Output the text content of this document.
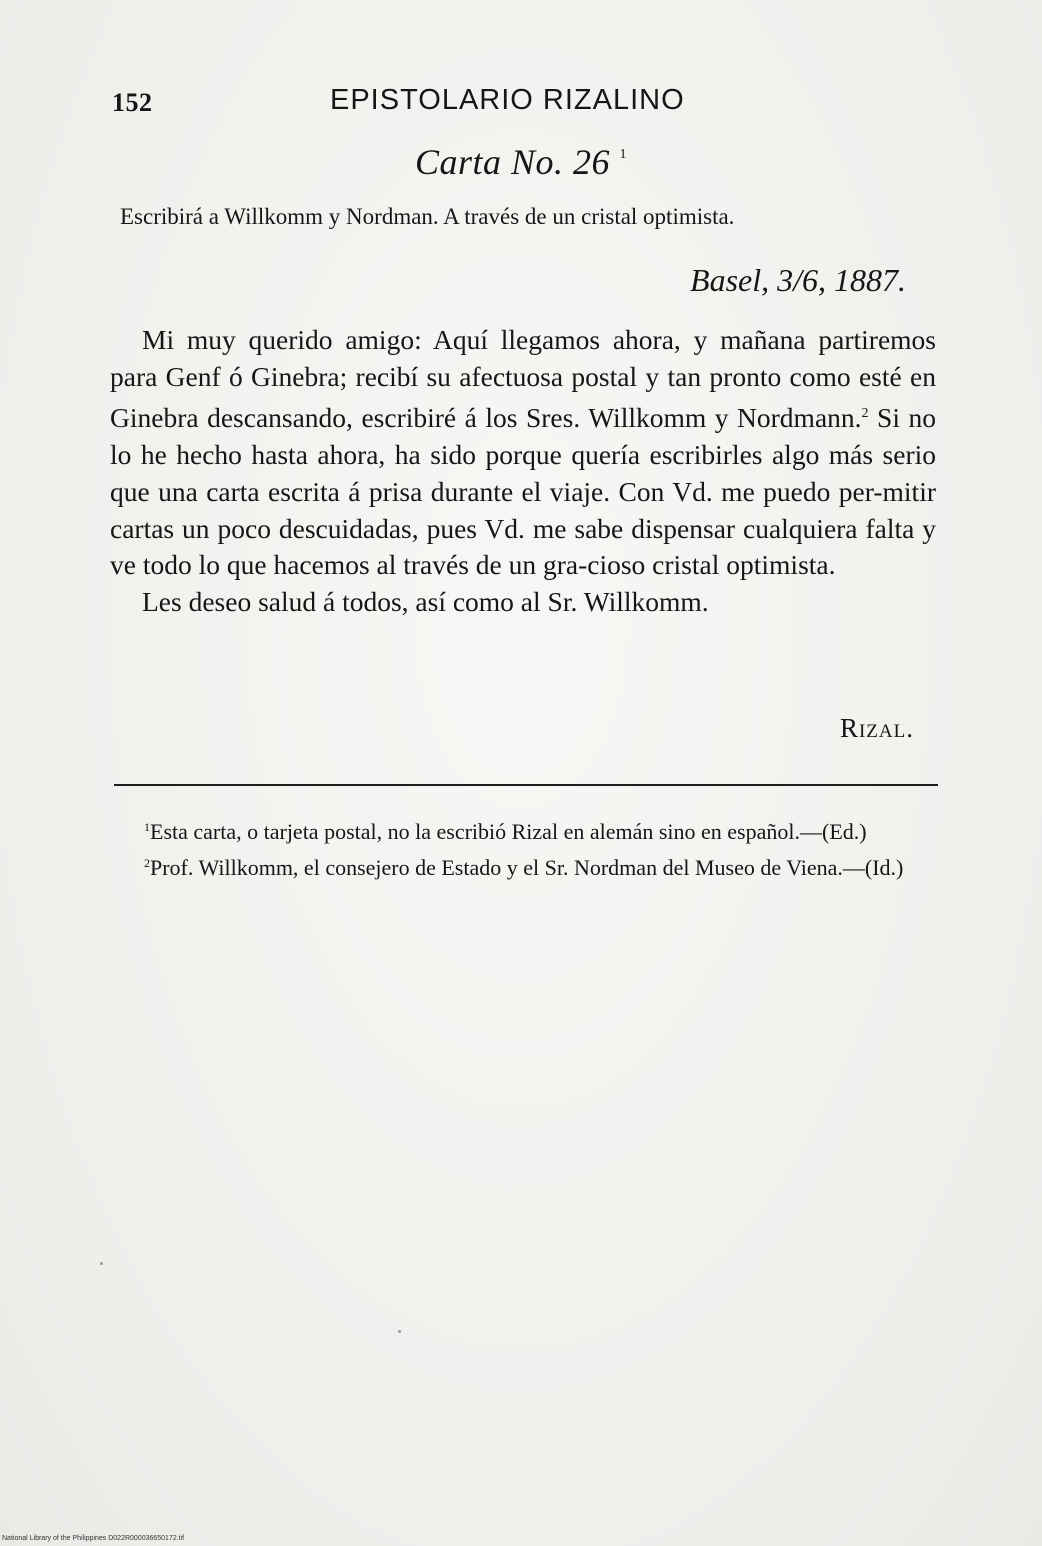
152	EPISTOLARIO RIZALINO
Carta No. 26 $^1$
Escribirá a Willkomm y Nordman. A través de un cristal optimista.
Basel, 3/6, 1887.

Mi muy querido amigo: Aquí llegamos ahora, y mañana partiremos para Genf ó Ginebra; recibí su afectuosa postal y tan pronto como esté en Ginebra descansando, escribiré á los Sres. Willkomm y Nordmann.$^2$ Si no lo he hecho hasta ahora, ha sido porque quería escribirles algo más serio que una carta escrita á prisa durante el viaje. Con Vd. me puedo per-mitir cartas un poco descuidadas, pues Vd. me sabe dispensar cualquiera falta y ve todo lo que hacemos al través de un gra-cioso cristal optimista.

Les deseo salud á todos, así como al Sr. Willkomm.

Rizal.

$^1$Esta carta, o tarjeta postal, no la escribió Rizal en alemán sino en español.—(Ed.)

$^2$Prof. Willkomm, el consejero de Estado y el Sr. Nordman del Museo de Viena.—(Id.)

National Library of the Philippines D022R000036650172.tif
